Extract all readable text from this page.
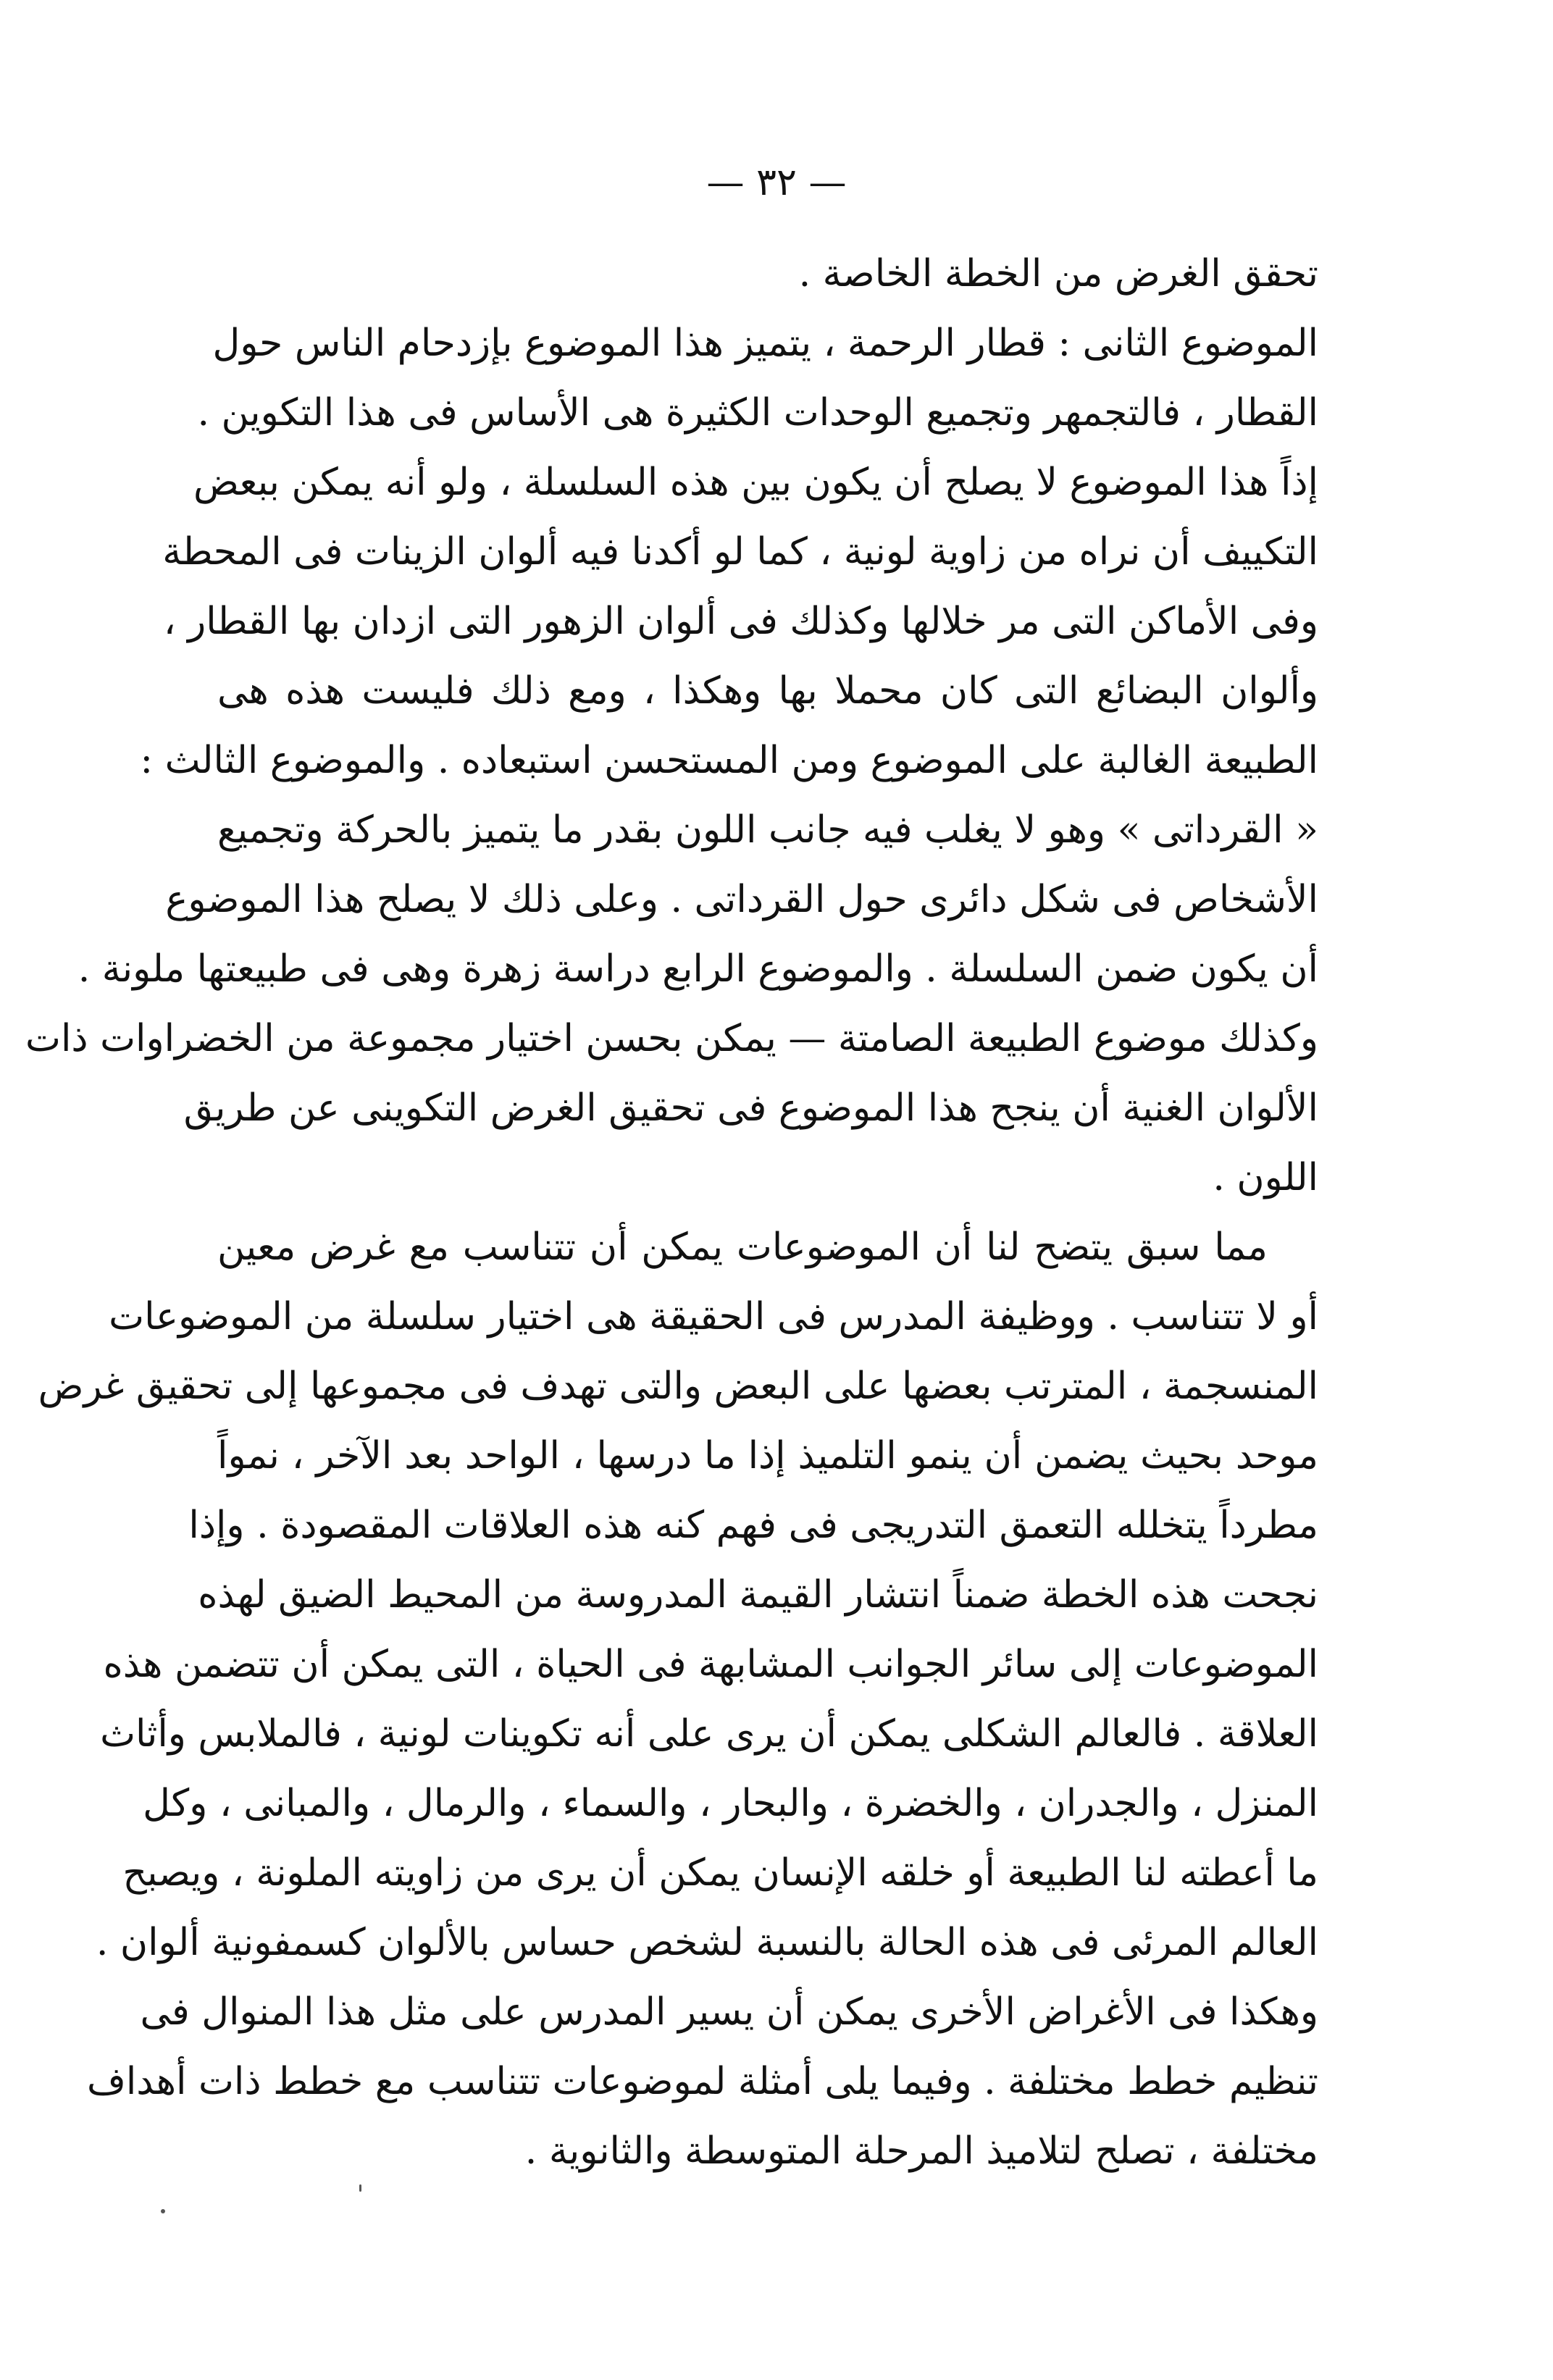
— ٣٢ —
تحقق الغرض من الخطة الخاصة .
الموضوع الثانى : قطار الرحمة ، يتميز هذا الموضوع بإزدحام الناس حول
القطار ، فالتجمهر وتجميع الوحدات الكثيرة هى الأساس فى هذا التكوين .
إذاً هذا الموضوع لا يصلح أن يكون بين هذه السلسلة ، ولو أنه يمكن ببعض
التكييف أن نراه من زاوية لونية ، كما لو أكدنا فيه ألوان الزينات فى المحطة
وفى الأماكن التى مر خلالها وكذلك فى ألوان الزهور التى ازدان بها القطار ،
وألوان البضائع التى كان محملا بها وهكذا ، ومع ذلك فليست هذه هى
الطبيعة الغالبة على الموضوع ومن المستحسن استبعاده . والموضوع الثالث :
« القرداتى » وهو لا يغلب فيه جانب اللون بقدر ما يتميز بالحركة وتجميع
الأشخاص فى شكل دائرى حول القرداتى . وعلى ذلك لا يصلح هذا الموضوع
أن يكون ضمن السلسلة . والموضوع الرابع دراسة زهرة وهى فى طبيعتها ملونة .
وكذلك موضوع الطبيعة الصامتة — يمكن بحسن اختيار مجموعة من الخضراوات ذات
الألوان الغنية أن ينجح هذا الموضوع فى تحقيق الغرض التكوينى عن طريق
اللون .
مما سبق يتضح لنا أن الموضوعات يمكن أن تتناسب مع غرض معين
أو لا تتناسب . ووظيفة المدرس فى الحقيقة هى اختيار سلسلة من الموضوعات
المنسجمة ، المترتب بعضها على البعض والتى تهدف فى مجموعها إلى تحقيق غرض
موحد بحيث يضمن أن ينمو التلميذ إذا ما درسها ، الواحد بعد الآخر ، نمواً
مطرداً يتخلله التعمق التدريجى فى فهم كنه هذه العلاقات المقصودة . وإذا
نجحت هذه الخطة ضمناً انتشار القيمة المدروسة من المحيط الضيق لهذه
الموضوعات إلى سائر الجوانب المشابهة فى الحياة ، التى يمكن أن تتضمن هذه
العلاقة . فالعالم الشكلى يمكن أن يرى على أنه تكوينات لونية ، فالملابس وأثاث
المنزل ، والجدران ، والخضرة ، والبحار ، والسماء ، والرمال ، والمبانى ، وكل
ما أعطته لنا الطبيعة أو خلقه الإنسان يمكن أن يرى من زاويته الملونة ، ويصبح
العالم المرئى فى هذه الحالة بالنسبة لشخص حساس بالألوان كسمفونية ألوان .
وهكذا فى الأغراض الأخرى يمكن أن يسير المدرس على مثل هذا المنوال فى
تنظيم خطط مختلفة . وفيما يلى أمثلة لموضوعات تتناسب مع خطط ذات أهداف
مختلفة ، تصلح لتلاميذ المرحلة المتوسطة والثانوية .
